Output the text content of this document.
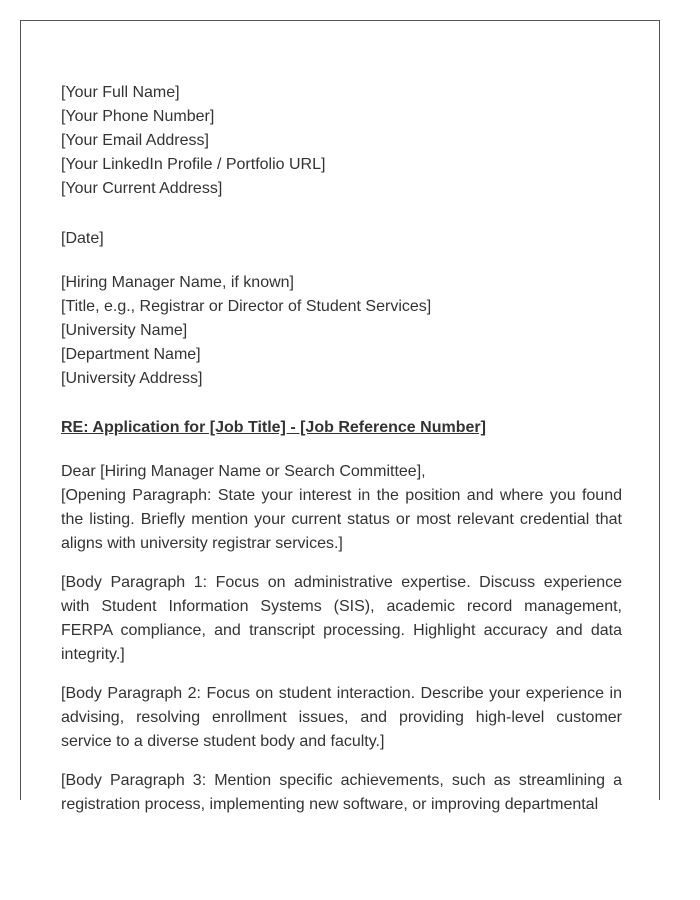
[Your Full Name]
[Your Phone Number]
[Your Email Address]
[Your LinkedIn Profile / Portfolio URL]
[Your Current Address]
[Date]
[Hiring Manager Name, if known]
[Title, e.g., Registrar or Director of Student Services]
[University Name]
[Department Name]
[University Address]
RE: Application for [Job Title] - [Job Reference Number]
Dear [Hiring Manager Name or Search Committee],

[Opening Paragraph: State your interest in the position and where you found the listing. Briefly mention your current status or most relevant credential that aligns with university registrar services.]

[Body Paragraph 1: Focus on administrative expertise. Discuss experience with Student Information Systems (SIS), academic record management, FERPA compliance, and transcript processing. Highlight accuracy and data integrity.]

[Body Paragraph 2: Focus on student interaction. Describe your experience in advising, resolving enrollment issues, and providing high-level customer service to a diverse student body and faculty.]

[Body Paragraph 3: Mention specific achievements, such as streamlining a registration process, implementing new software, or improving departmental
